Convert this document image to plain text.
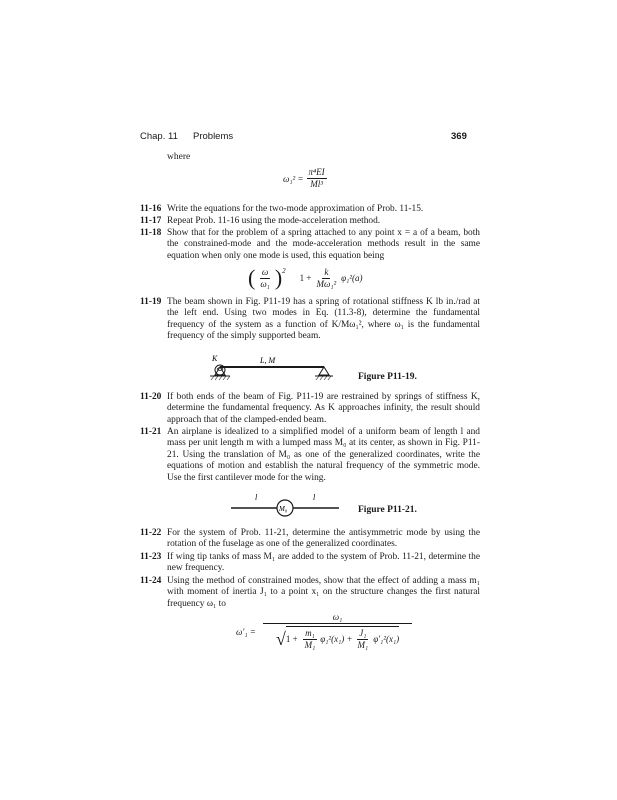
Chap. 11 Problems	369
where
$\omega_1^2 = \frac{\text{π⁴EI}}{\text{Ml³}}$
11-16 Write the equations for the two-mode approximation of Prob. 11-15.
11-17 Repeat Prob. 11-16 using the mode-acceleration method.
11-18 Show that for the problem of a spring attached to any point x = a of a beam, both the constrained-mode and the mode-acceleration methods result in the same equation when only one mode is used, this equation being
( $\frac{\omega}{\text{ω₁}} )^2$
$1 + \frac{k}{\text{Mω₁²}} \varphi_1^2(a)$
11-19 The beam shown in Fig. P11-19 has a spring of rotational stiffness K lb in./rad at the left end. Using two modes in Eq. (11.3-8), determine the fundamental frequency of the system as a function of K/Mω₁², where ω₁ is the fundamental frequency of the simply supported beam.
K	L, M
Figure P11-19.
11-20 If both ends of the beam of Fig. P11-19 are restrained by springs of stiffness K, determine the fundamental frequency. As K approaches infinity, the result should approach that of the clamped-ended beam.
11-21 An airplane is idealized to a simplified model of a uniform beam of length l and mass per unit length m with a lumped mass M₀ at its center, as shown in Fig. P11-21. Using the translation of M₀ as one of the generalized coordinates, write the equations of motion and establish the natural frequency of the symmetric mode. Use the first cantilever mode for the wing.
l	l
M₀	Figure P11-21.
11-22 For the system of Prob. 11-21, determine the antisymmetric mode by using the rotation of the fuselage as one of the generalized coordinates.
11-23 If wing tip tanks of mass M₁ are added to the system of Prob. 11-21, determine the new frequency.
11-24 Using the method of constrained modes, show that the effect of adding a mass m₁ with moment of inertia J₁ to a point x₁ on the structure changes the first natural frequency ω₁ to
ω′₁ =
ω₁
√ $1 + \frac{\text{m₁}}{\text{M₁}} \varphi_1^2(x_1) + \frac{\text{J₁}}{\text{M₁}} \varphi'_1^2(x_1)$
